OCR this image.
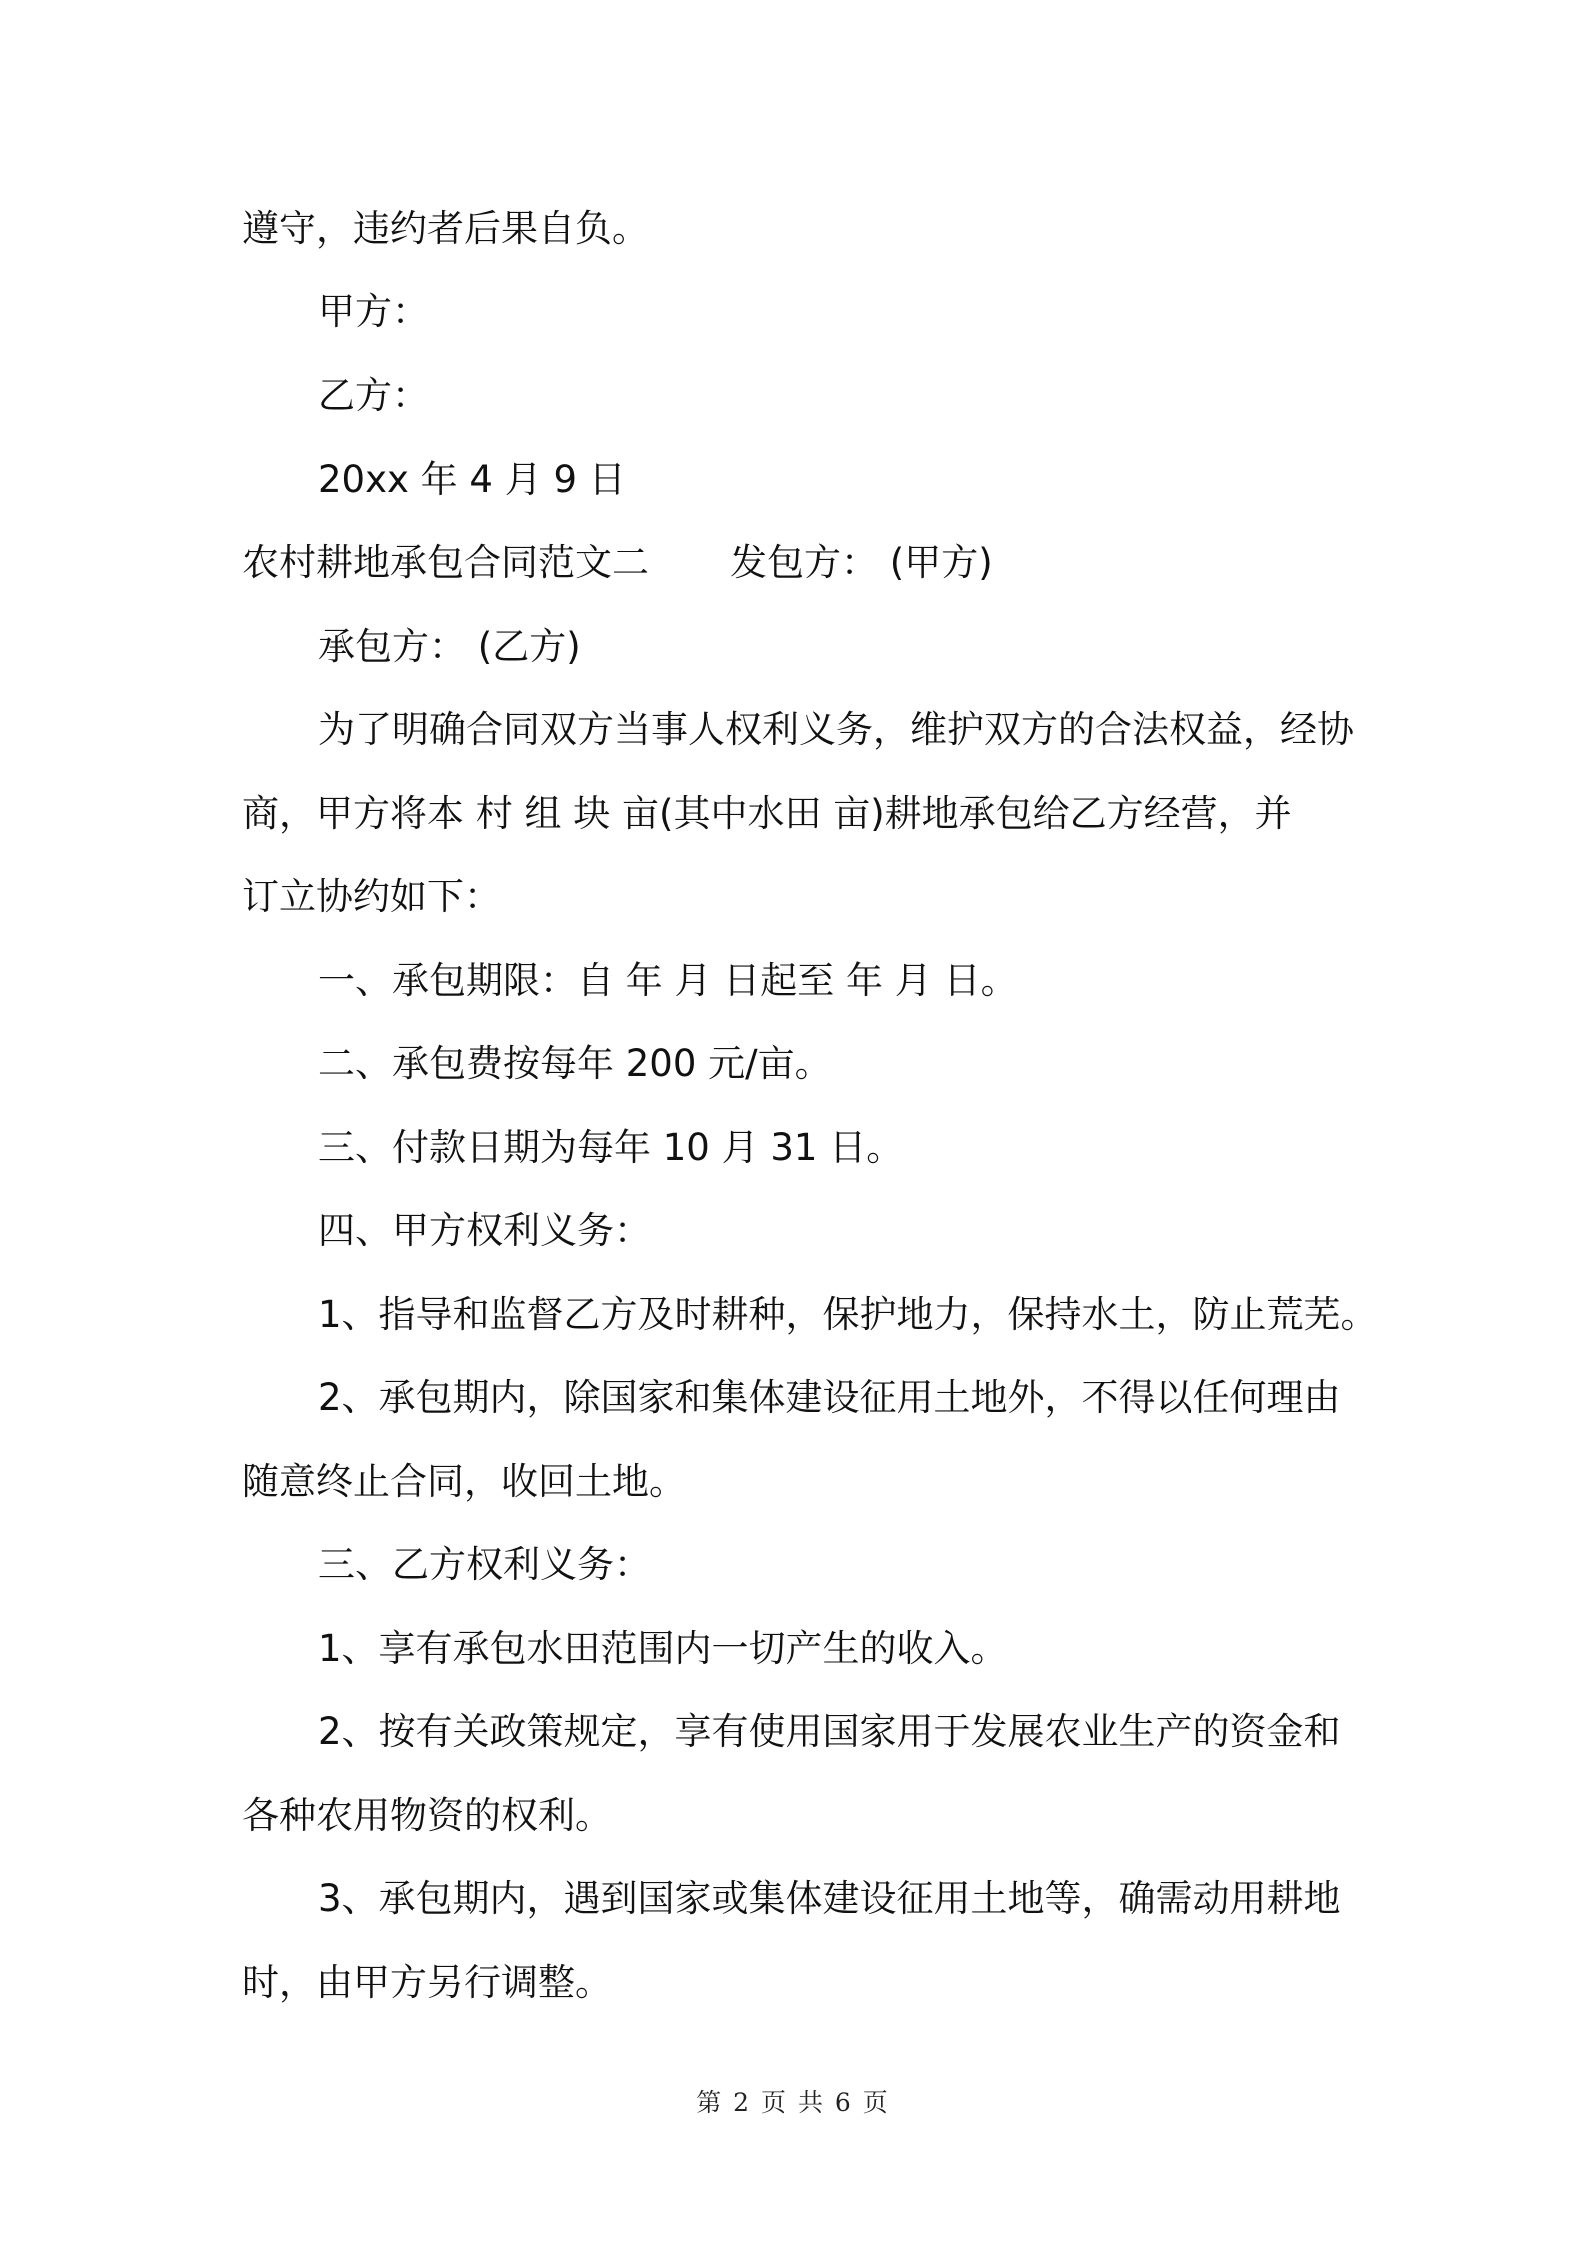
遵守，违约者后果自负。
甲方：
乙方：
20xx 年 4 月 9 日
农村耕地承包合同范文二 发包方： (甲方)
承包方： (乙方)
为了明确合同双方当事人权利义务，维护双方的合法权益，经协
商，甲方将本 村 组 块 亩(其中水田 亩)耕地承包给乙方经营，并
订立协约如下：
一、承包期限：自 年 月 日起至 年 月 日。
二、承包费按每年 200 元/亩。
三、付款日期为每年 10 月 31 日。
四、甲方权利义务：
1、指导和监督乙方及时耕种，保护地力，保持水土，防止荒芜。
2、承包期内，除国家和集体建设征用土地外，不得以任何理由
随意终止合同，收回土地。
三、乙方权利义务：
1、享有承包水田范围内一切产生的收入。
2、按有关政策规定，享有使用国家用于发展农业生产的资金和
各种农用物资的权利。
3、承包期内，遇到国家或集体建设征用土地等，确需动用耕地
时，由甲方另行调整。
第 2 页 共 6 页
